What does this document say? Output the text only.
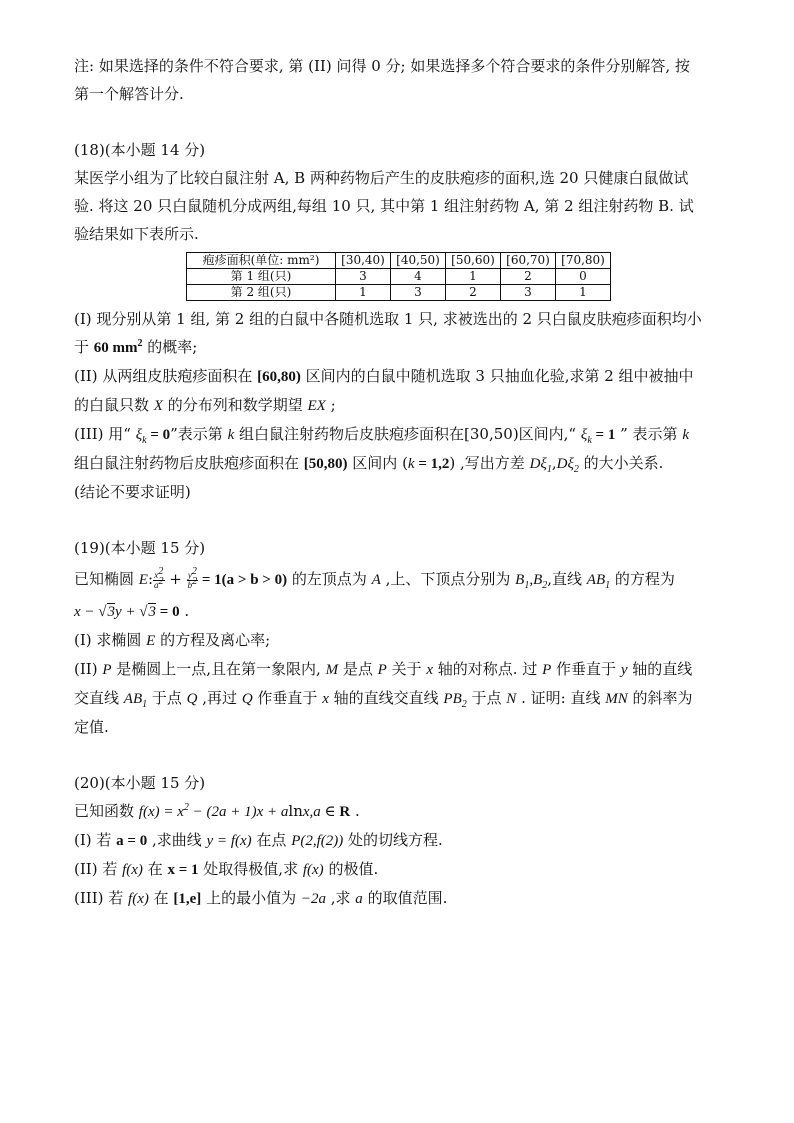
注: 如果选择的条件不符合要求, 第 (II) 问得 0 分; 如果选择多个符合要求的条件分别解答, 按

第一个解答计分.

(18)(本小题 14 分)

某医学小组为了比较白鼠注射 A, B 两种药物后产生的皮肤疱疹的面积,选 20 只健康白鼠做试

验. 将这 20 只白鼠随机分成两组,每组 10 只, 其中第 1 组注射药物 A, 第 2 组注射药物 B. 试

验结果如下表所示.

疱疹面积(单位: mm²)	[30,40)	[40,50)	[50,60)	[60,70)	[70,80)
第 1 组(只)	3	4	1	2	0
第 2 组(只)	1	3	2	3	1

(I) 现分别从第 1 组, 第 2 组的白鼠中各随机选取 1 只, 求被选出的 2 只白鼠皮肤疱疹面积均小

于 60 $mm^2$ 的概率;

(II) 从两组皮肤疱疹面积在 [60,80) 区间内的白鼠中随机选取 3 只抽血化验,求第 2 组中被抽中

的白鼠只数 X 的分布列和数学期望 EX ;

(III) 用“ $\xi_k = 0$”表示第 k 组白鼠注射药物后皮肤疱疹面积在[30,50)区间内,“ $\xi_k = 1$ ” 表示第 k

组白鼠注射药物后皮肤疱疹面积在 [50,80) 区间内 (k = 1,2) ,写出方差 $D\xi_1,D\xi_2$ 的大小关系.

(结论不要求证明)

(19)(本小题 15 分)

已知椭圆 E: $\frac{x^2}{a^2} + \frac{y^2}{b^2} = 1(a > b > 0)$ 的左顶点为 A ,上、下顶点分别为 $B_1,B_2$,直线 $AB_1$ 的方程为

x − √3y + √3 = 0 .

(I) 求椭圆 E 的方程及离心率;

(II) P 是椭圆上一点,且在第一象限内, M 是点 P 关于 x 轴的对称点. 过 P 作垂直于 y 轴的直线

交直线 $AB_1$ 于点 Q ,再过 Q 作垂直于 x 轴的直线交直线 $PB_2$ 于点 N . 证明: 直线 MN 的斜率为

定值.

(20)(本小题 15 分)

已知函数 $f(x) = x^2 - (2a + 1)x + alnx,a$ ∈ R .

(I) 若 a = 0 ,求曲线 y = f(x) 在点 P(2,f(2)) 处的切线方程.

(II) 若 f(x) 在 x = 1 处取得极值,求 f(x) 的极值.

(III) 若 f(x) 在 [1,e] 上的最小值为 −2a ,求 a 的取值范围.
